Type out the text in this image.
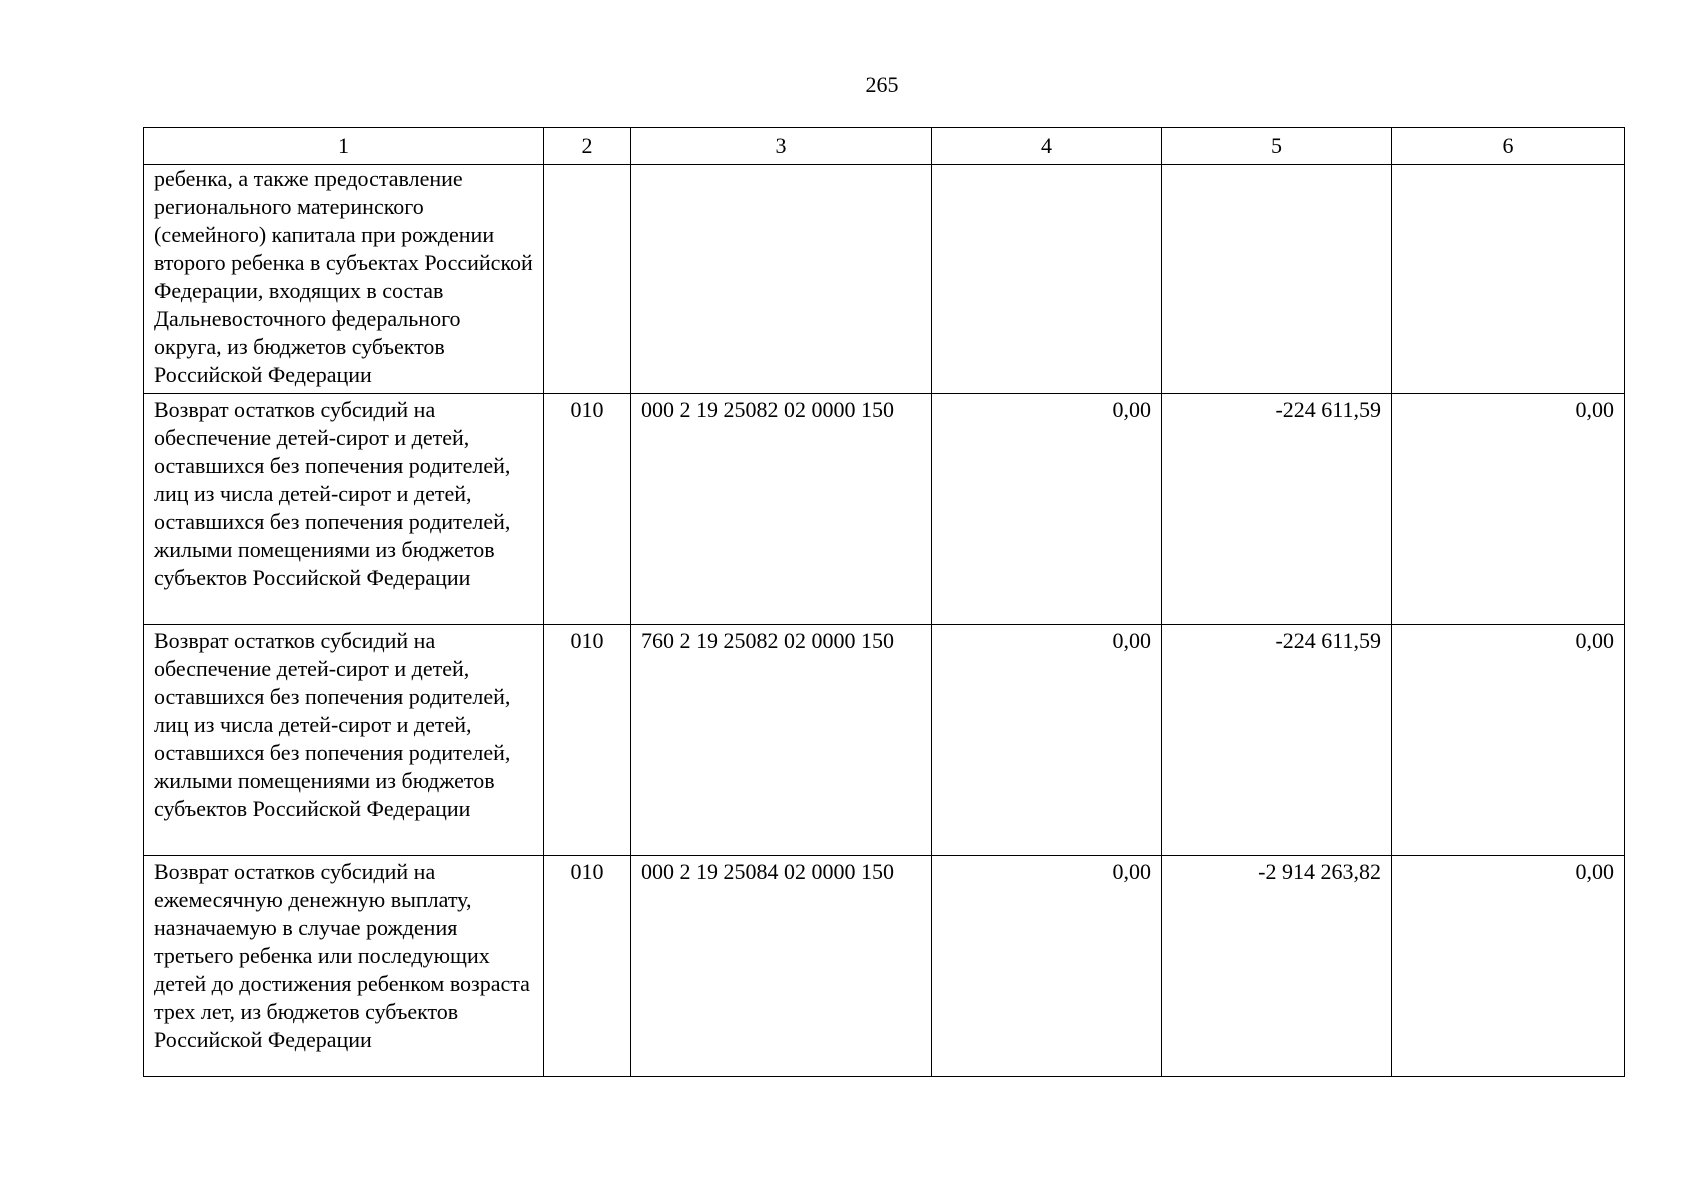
265
1	2	3	4	5	6
ребенка, а также предоставление регионального материнского (семейного) капитала при рождении второго ребенка в субъектах Российской Федерации, входящих в состав Дальневосточного федерального округа, из бюджетов субъектов Российской Федерации					
Возврат остатков субсидий на обеспечение детей-сирот и детей, оставшихся без попечения родителей, лиц из числа детей-сирот и детей, оставшихся без попечения родителей, жилыми помещениями из бюджетов субъектов Российской Федерации	010	000 2 19 25082 02 0000 150	0,00	-224 611,59	0,00
Возврат остатков субсидий на обеспечение детей-сирот и детей, оставшихся без попечения родителей, лиц из числа детей-сирот и детей, оставшихся без попечения родителей, жилыми помещениями из бюджетов субъектов Российской Федерации	010	760 2 19 25082 02 0000 150	0,00	-224 611,59	0,00
Возврат остатков субсидий на ежемесячную денежную выплату, назначаемую в случае рождения третьего ребенка или последующих детей до достижения ребенком возраста трех лет, из бюджетов субъектов Российской Федерации	010	000 2 19 25084 02 0000 150	0,00	-2 914 263,82	0,00
